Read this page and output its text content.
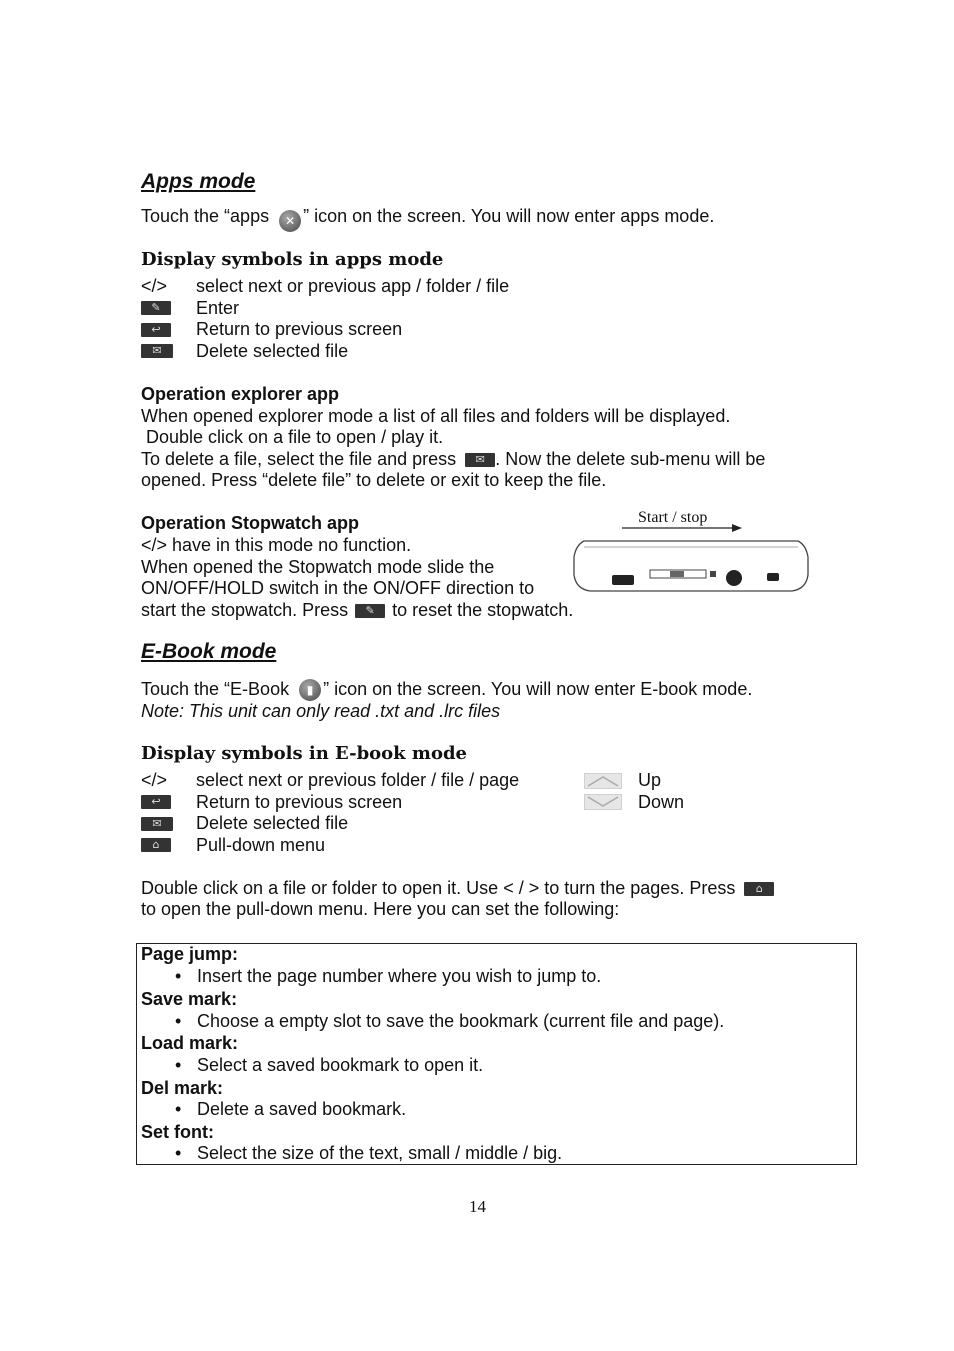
Apps mode
Touch the “apps ✕ ” icon on the screen. You will now enter apps mode.
Display symbols in apps mode
</>	select next or previous app / folder / file
✎	Enter
↩	Return to previous screen
✉	Delete selected file
Operation explorer app
When opened explorer mode a list of all files and folders will be displayed.
Double click on a file to open / play it.
To delete a file, select the file and press	✉ . Now the delete sub-menu will be
opened. Press “delete file” to delete or exit to keep the file.
Operation Stopwatch app
</> have in this mode no function.
When opened the Stopwatch mode slide the
ON/OFF/HOLD switch in the ON/OFF direction to
start the stopwatch. Press	✎ to reset the stopwatch.
Start / stop
E-Book mode
Touch the “E-Book ▮ ” icon on the screen. You will now enter E-book mode.
Note: This unit can only read .txt and .lrc files
Display symbols in E-book mode
</>	select next or previous folder / file / page
↩	Return to previous screen
✉	Delete selected file
⌂	Pull-down menu
Up
Down
Double click on a file or folder to open it. Use < / > to turn the pages. Press	⌂
to open the pull-down menu. Here you can set the following:
Page jump:
• Insert the page number where you wish to jump to.
Save mark:
• Choose a empty slot to save the bookmark (current file and page).
Load mark:
• Select a saved bookmark to open it.
Del mark:
• Delete a saved bookmark.
Set font:
• Select the size of the text, small / middle / big.
14
